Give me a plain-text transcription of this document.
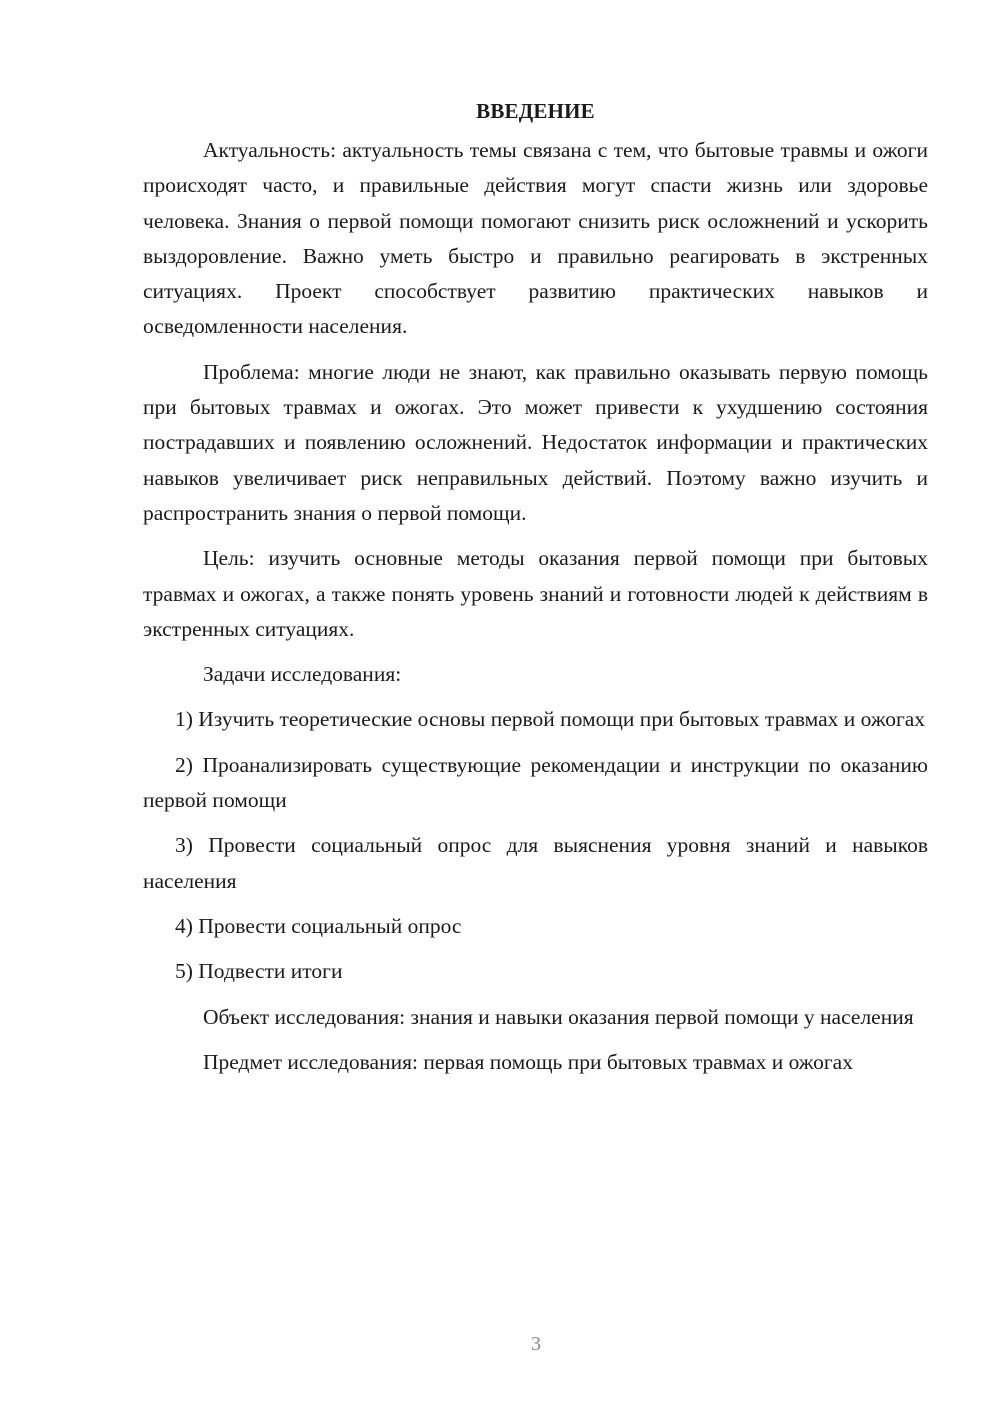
ВВЕДЕНИЕ

Актуальность: актуальность темы связана с тем, что бытовые травмы и ожоги происходят часто, и правильные действия могут спасти жизнь или здоровье человека. Знания о первой помощи помогают снизить риск осложнений и ускорить выздоровление. Важно уметь быстро и правильно реагировать в экстренных ситуациях. Проект способствует развитию практических навыков и осведомленности населения.

Проблема: многие люди не знают, как правильно оказывать первую помощь при бытовых травмах и ожогах. Это может привести к ухудшению состояния пострадавших и появлению осложнений. Недостаток информации и практических навыков увеличивает риск неправильных действий. Поэтому важно изучить и распространить знания о первой помощи.

Цель: изучить основные методы оказания первой помощи при бытовых травмах и ожогах, а также понять уровень знаний и готовности людей к действиям в экстренных ситуациях.

Задачи исследования:

1) Изучить теоретические основы первой помощи при бытовых травмах и ожогах

2) Проанализировать существующие рекомендации и инструкции по оказанию первой помощи

3) Провести социальный опрос для выяснения уровня знаний и навыков населения

4) Провести социальный опрос

5) Подвести итоги

Объект исследования: знания и навыки оказания первой помощи у населения

Предмет исследования: первая помощь при бытовых травмах и ожогах

3
